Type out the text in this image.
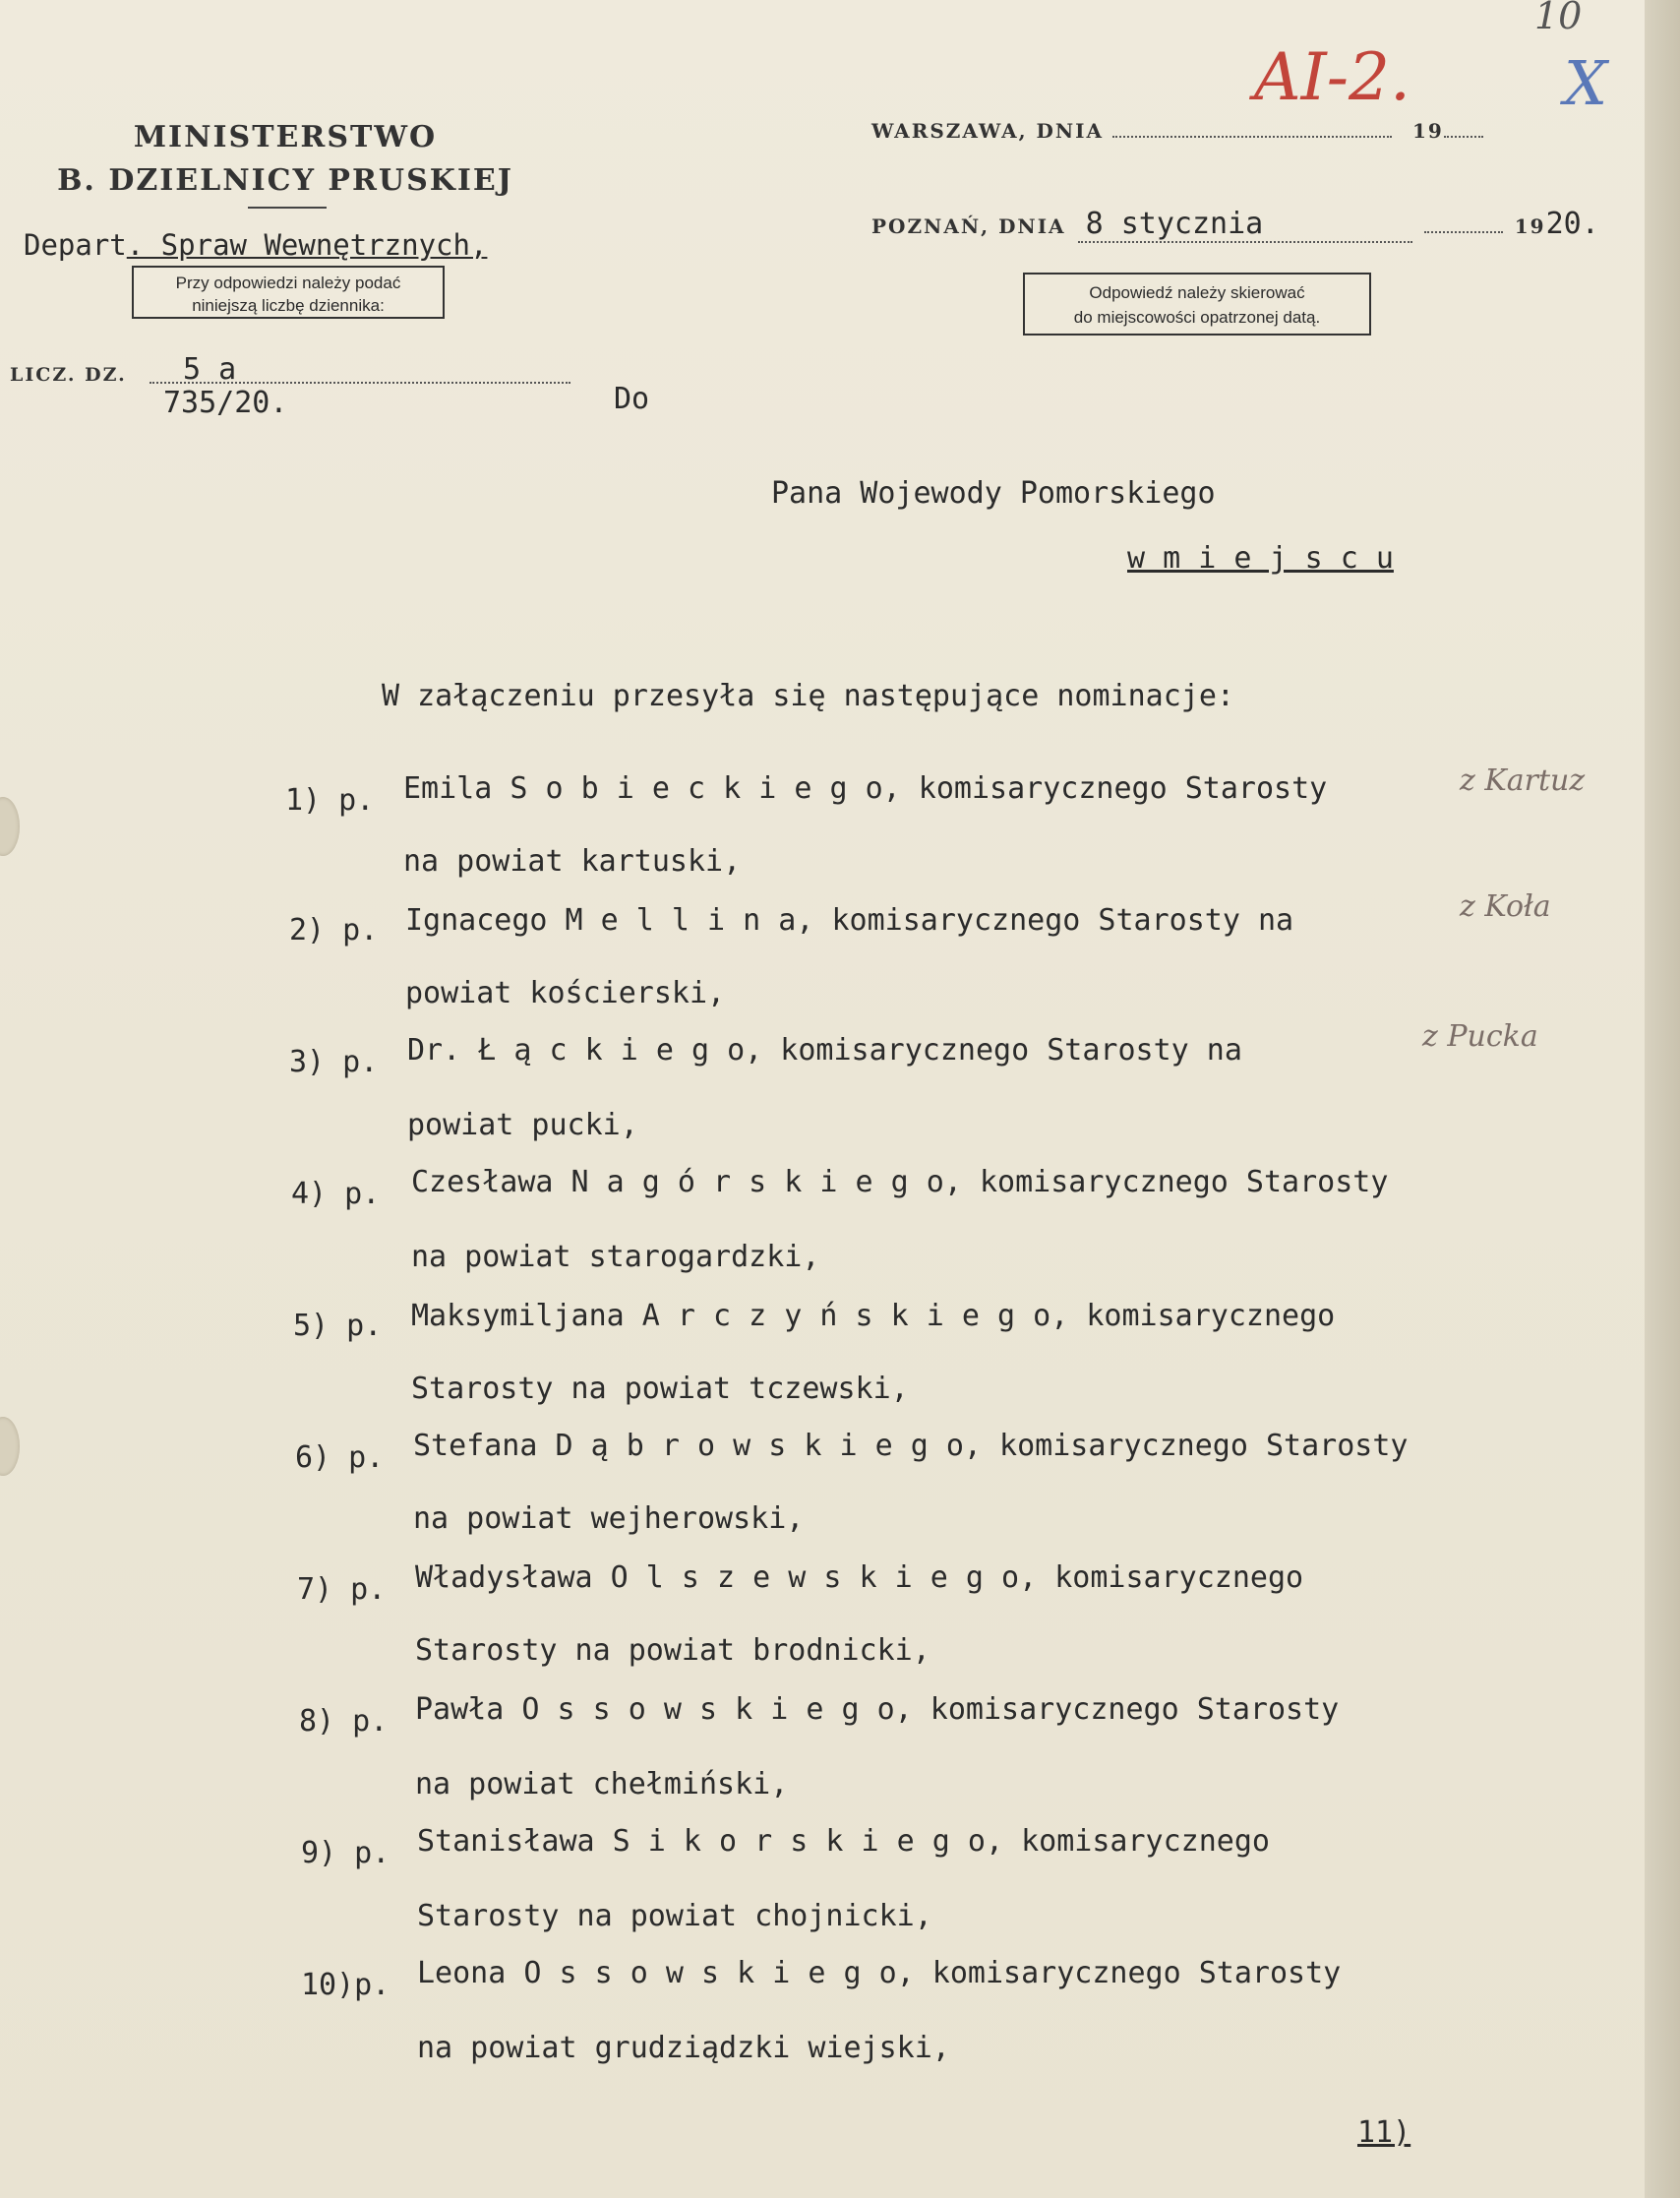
10
AI-2.	X
MINISTERSTWO
B. DZIELNICY PRUSKIEJ
Depart. Spraw Wewnętrznych,
Przy odpowiedzi należy podać
niniejszą liczbę dziennika:
WARSZAWA, DNIA	19
POZNAŃ, DNIA 8 stycznia	1920.
Odpowiedź należy skierować
do miejscowości opatrzonej datą.
LICZ. DZ. 5 a
735/20.	Do
Pana Wojewody Pomorskiego
w m i e j s c u
W załączeniu przesyła się następujące nominacje:
1) p. Emila S o b i e c k i e g o, komisarycznego Starosty
na powiat kartuski,
z Kartuz
2) p. Ignacego M e l l i n a, komisarycznego Starosty na
powiat kościerski,
z Koła
3) p. Dr. Ł ą c k i e g o, komisarycznego Starosty na
powiat pucki,
z Pucka
4) p. Czesława N a g ó r s k i e g o, komisarycznego Starosty
na powiat starogardzki,
5) p. Maksymiljana A r c z y ń s k i e g o, komisarycznego
Starosty na powiat tczewski,
6) p. Stefana D ą b r o w s k i e g o, komisarycznego Starosty
na powiat wejherowski,
7) p. Władysława O l s z e w s k i e g o, komisarycznego
Starosty na powiat brodnicki,
8) p. Pawła O s s o w s k i e g o, komisarycznego Starosty
na powiat chełmiński,
9) p. Stanisława S i k o r s k i e g o, komisarycznego
Starosty na powiat chojnicki,
10)p. Leona O s s o w s k i e g o, komisarycznego Starosty
na powiat grudziądzki wiejski,
11)
